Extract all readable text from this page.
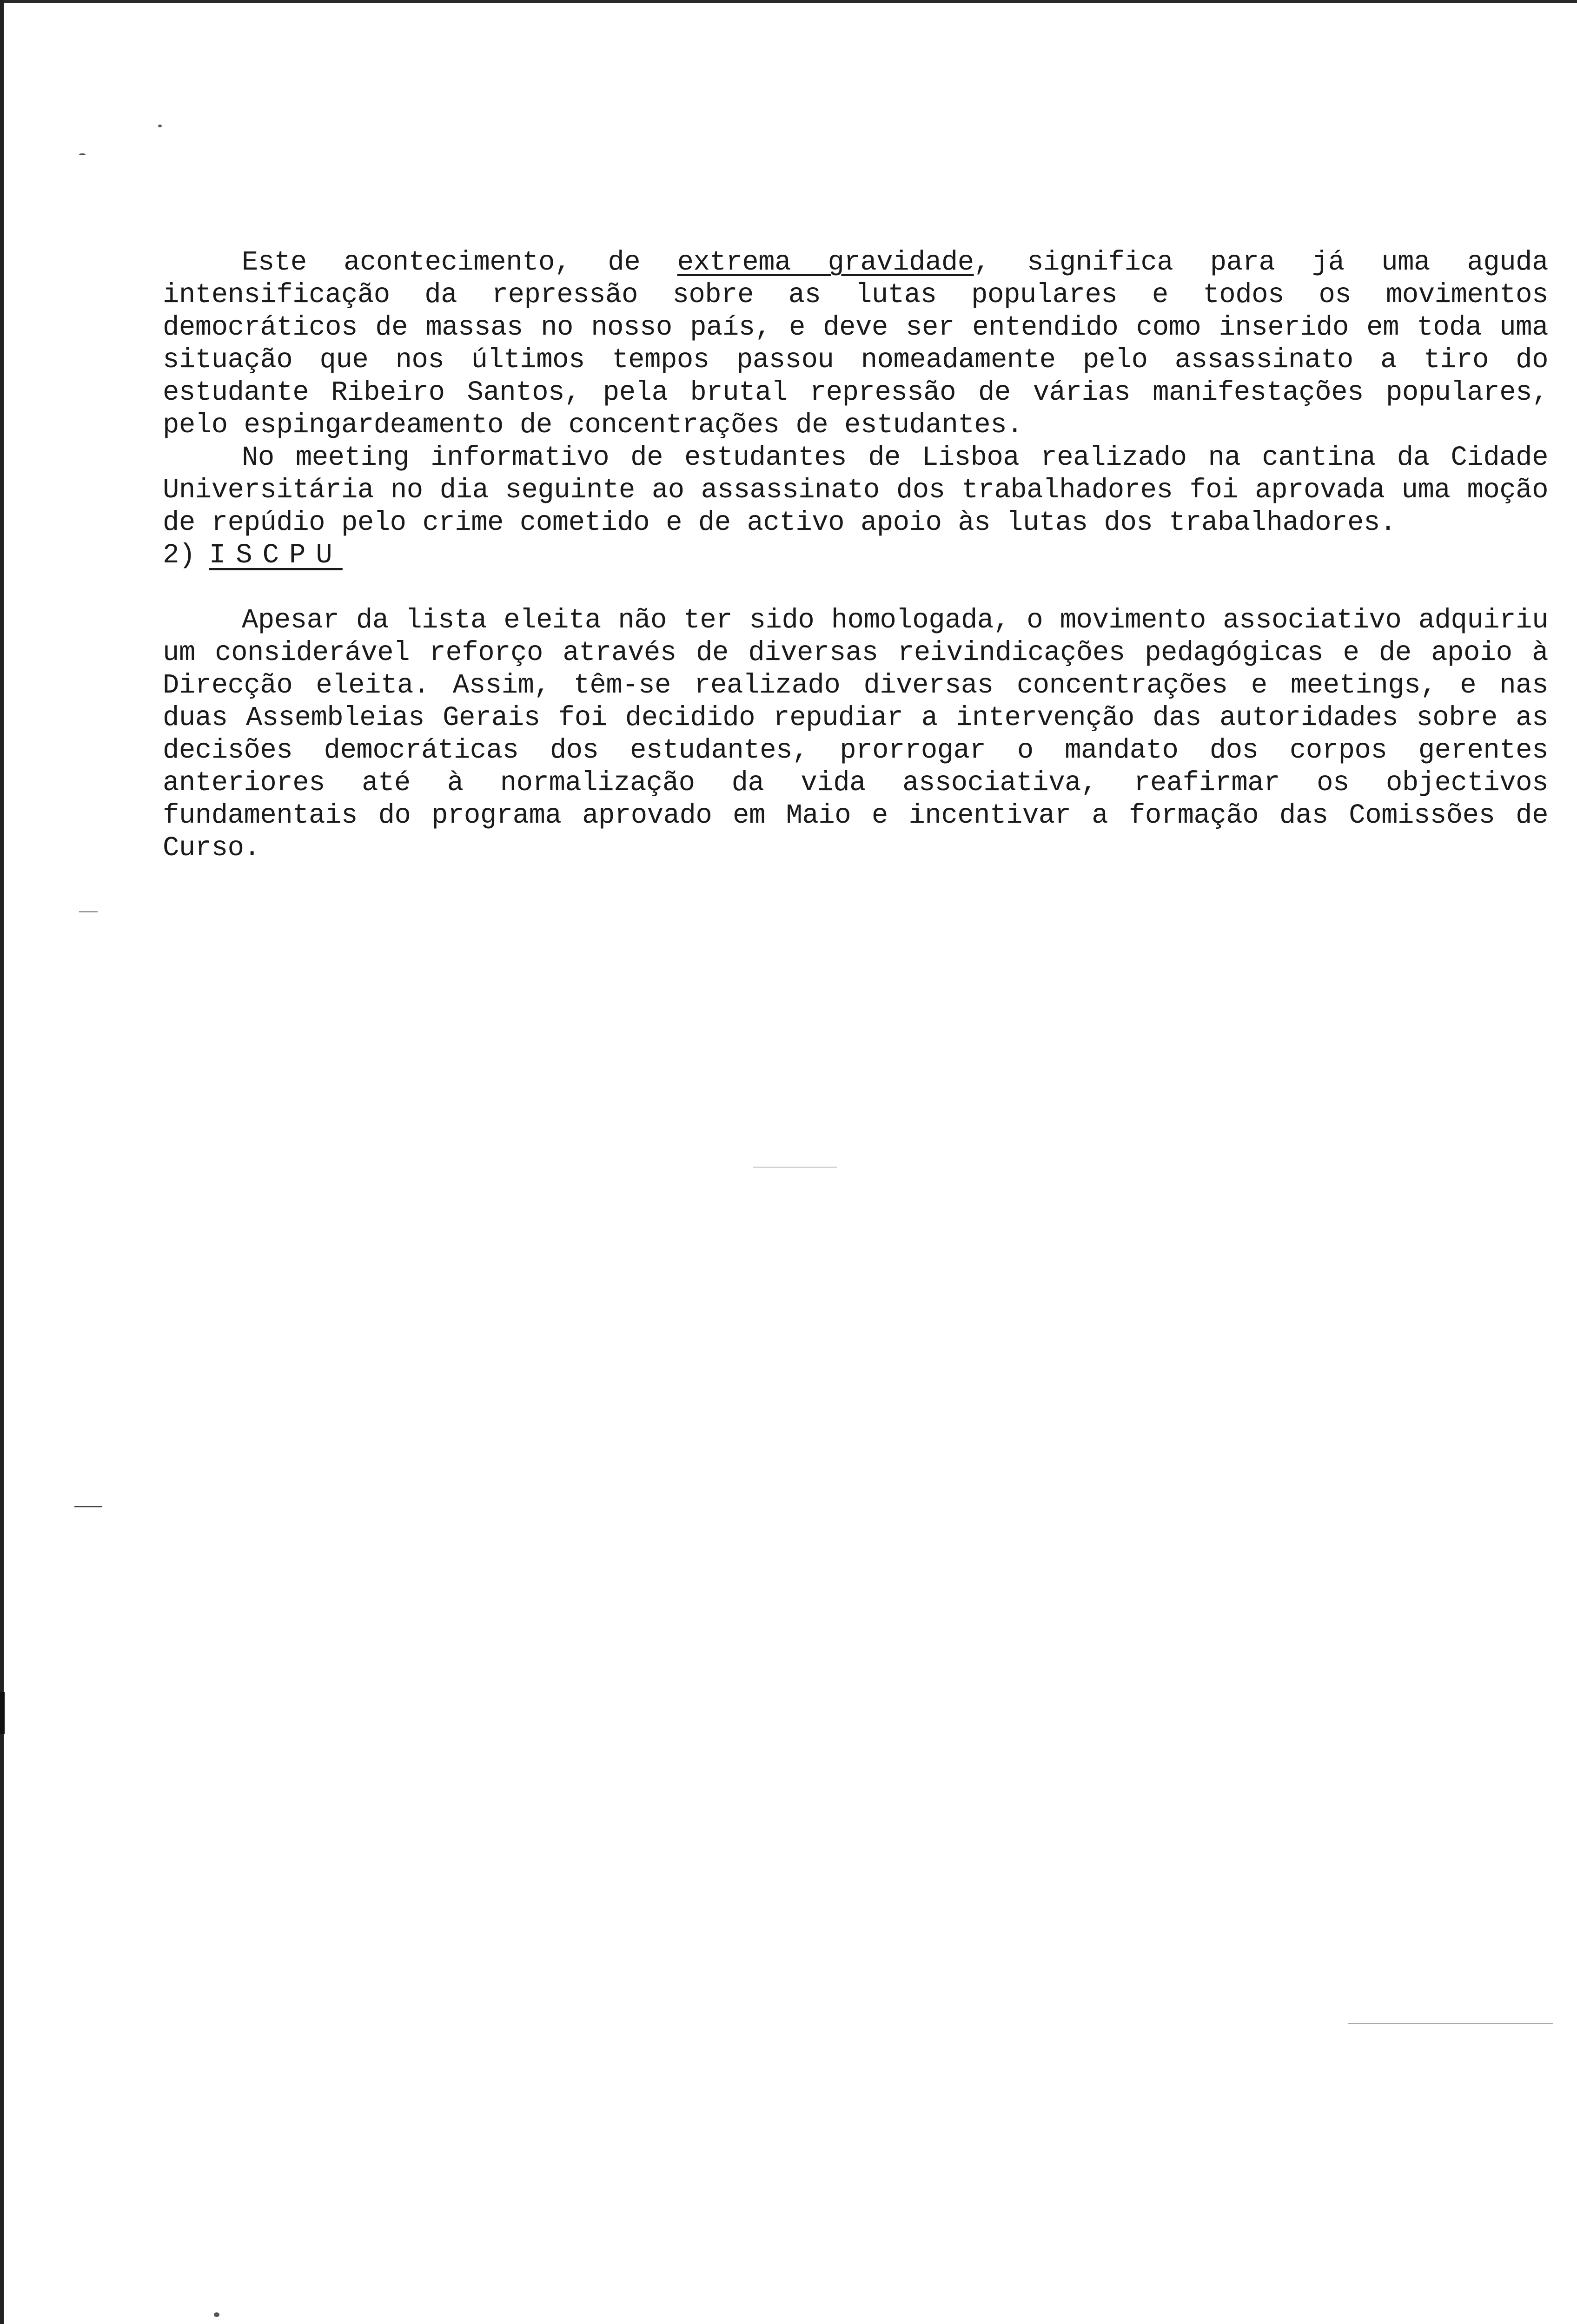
Este acontecimento, de extrema gravidade, significa para já uma aguda intensificação da repressão sobre as lutas populares e todos os movimentos democráticos de massas no nosso país, e deve ser entendido como inserido em toda uma situação que nos últimos tempos passou nomeadamente pelo assassinato a tiro do estudante Ribeiro Santos, pela brutal repressão de várias manifestações populares, pelo espingardeamento de concentrações de estudantes.

No meeting informativo de estudantes de Lisboa realizado na cantina da Cidade Universitária no dia seguinte ao assassinato dos trabalhadores foi aprovada uma moção de repúdio pelo crime cometido e de activo apoio às lutas dos trabalhadores.

2) ISCPU

Apesar da lista eleita não ter sido homologada, o movimento associativo adquiriu um considerável reforço através de diversas reivindicações pedagógicas e de apoio à Direcção eleita. Assim, têm-se realizado diversas concentrações e meetings, e nas duas Assembleias Gerais foi decidido repudiar a intervenção das autoridades sobre as decisões democráticas dos estudantes, prorrogar o mandato dos corpos gerentes anteriores até à normalização da vida associativa, reafirmar os objectivos fundamentais do programa aprovado em Maio e incentivar a formação das Comissões de Curso.
